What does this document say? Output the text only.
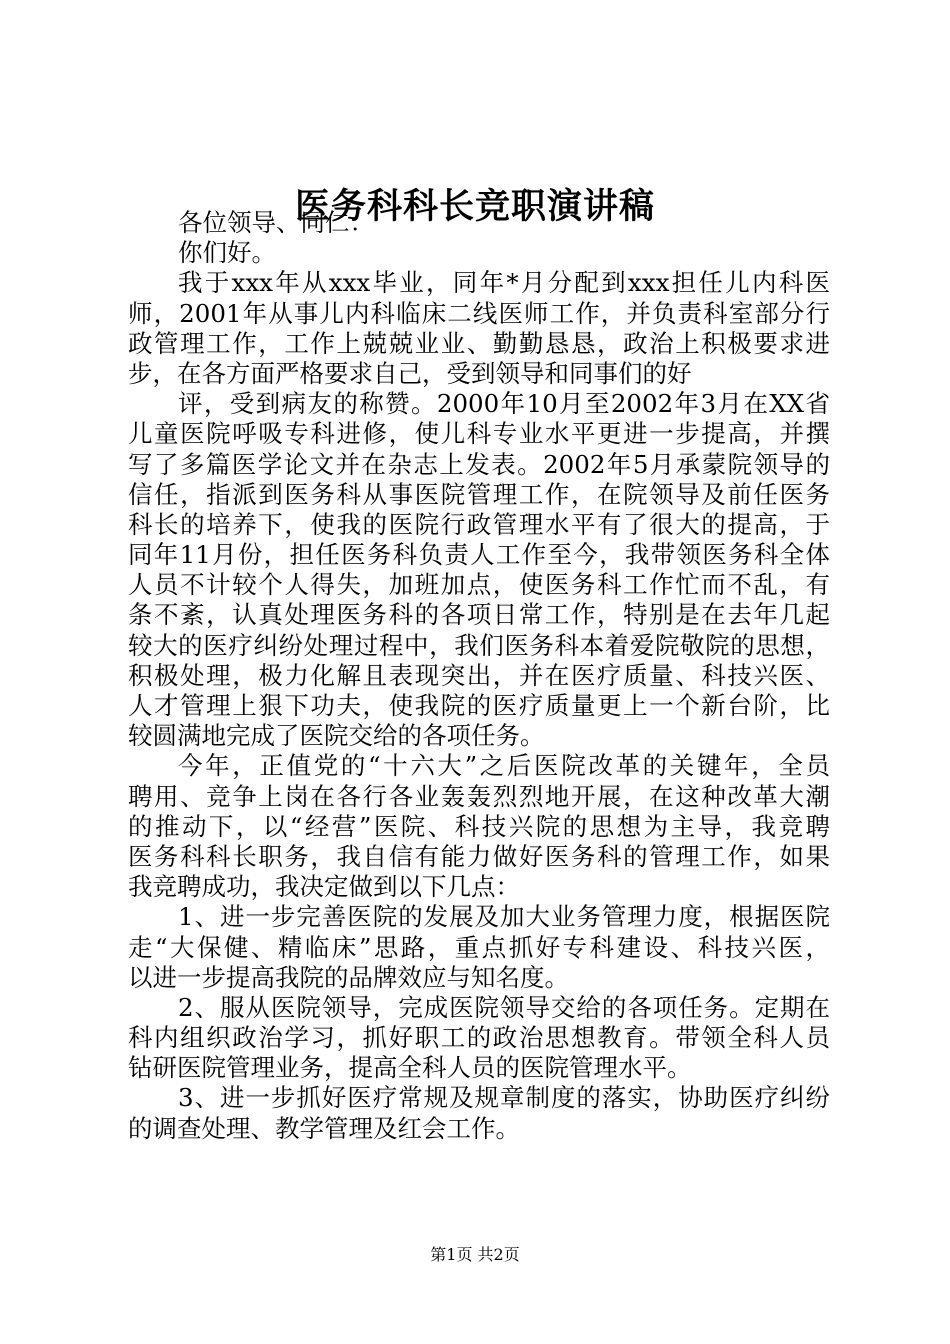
医务科科长竞职演讲稿
各位领导、同仁：
你们好。
我于xxx年从xxx毕业，同年*月分配到xxx担任儿内科医
师，2001年从事儿内科临床二线医师工作，并负责科室部分行
政管理工作，工作上兢兢业业、勤勤恳恳，政治上积极要求进
步，在各方面严格要求自己，受到领导和同事们的好
评，受到病友的称赞。2000年10月至2002年3月在XX省
儿童医院呼吸专科进修，使儿科专业水平更进一步提高，并撰
写了多篇医学论文并在杂志上发表。2002年5月承蒙院领导的
信任，指派到医务科从事医院管理工作，在院领导及前任医务
科长的培养下，使我的医院行政管理水平有了很大的提高，于
同年11月份，担任医务科负责人工作至今，我带领医务科全体
人员不计较个人得失，加班加点，使医务科工作忙而不乱，有
条不紊，认真处理医务科的各项日常工作，特别是在去年几起
较大的医疗纠纷处理过程中，我们医务科本着爱院敬院的思想，
积极处理，极力化解且表现突出，并在医疗质量、科技兴医、
人才管理上狠下功夫，使我院的医疗质量更上一个新台阶，比
较圆满地完成了医院交给的各项任务。
今年，正值党的“十六大”之后医院改革的关键年，全员
聘用、竞争上岗在各行各业轰轰烈烈地开展，在这种改革大潮
的推动下，以“经营”医院、科技兴院的思想为主导，我竞聘
医务科科长职务，我自信有能力做好医务科的管理工作，如果
我竞聘成功，我决定做到以下几点：
1、进一步完善医院的发展及加大业务管理力度，根据医院
走“大保健、精临床”思路，重点抓好专科建设、科技兴医，
以进一步提高我院的品牌效应与知名度。
2、服从医院领导，完成医院领导交给的各项任务。定期在
科内组织政治学习，抓好职工的政治思想教育。带领全科人员
钻研医院管理业务，提高全科人员的医院管理水平。
3、进一步抓好医疗常规及规章制度的落实，协助医疗纠纷
的调查处理、教学管理及红会工作。
第1页 共2页
